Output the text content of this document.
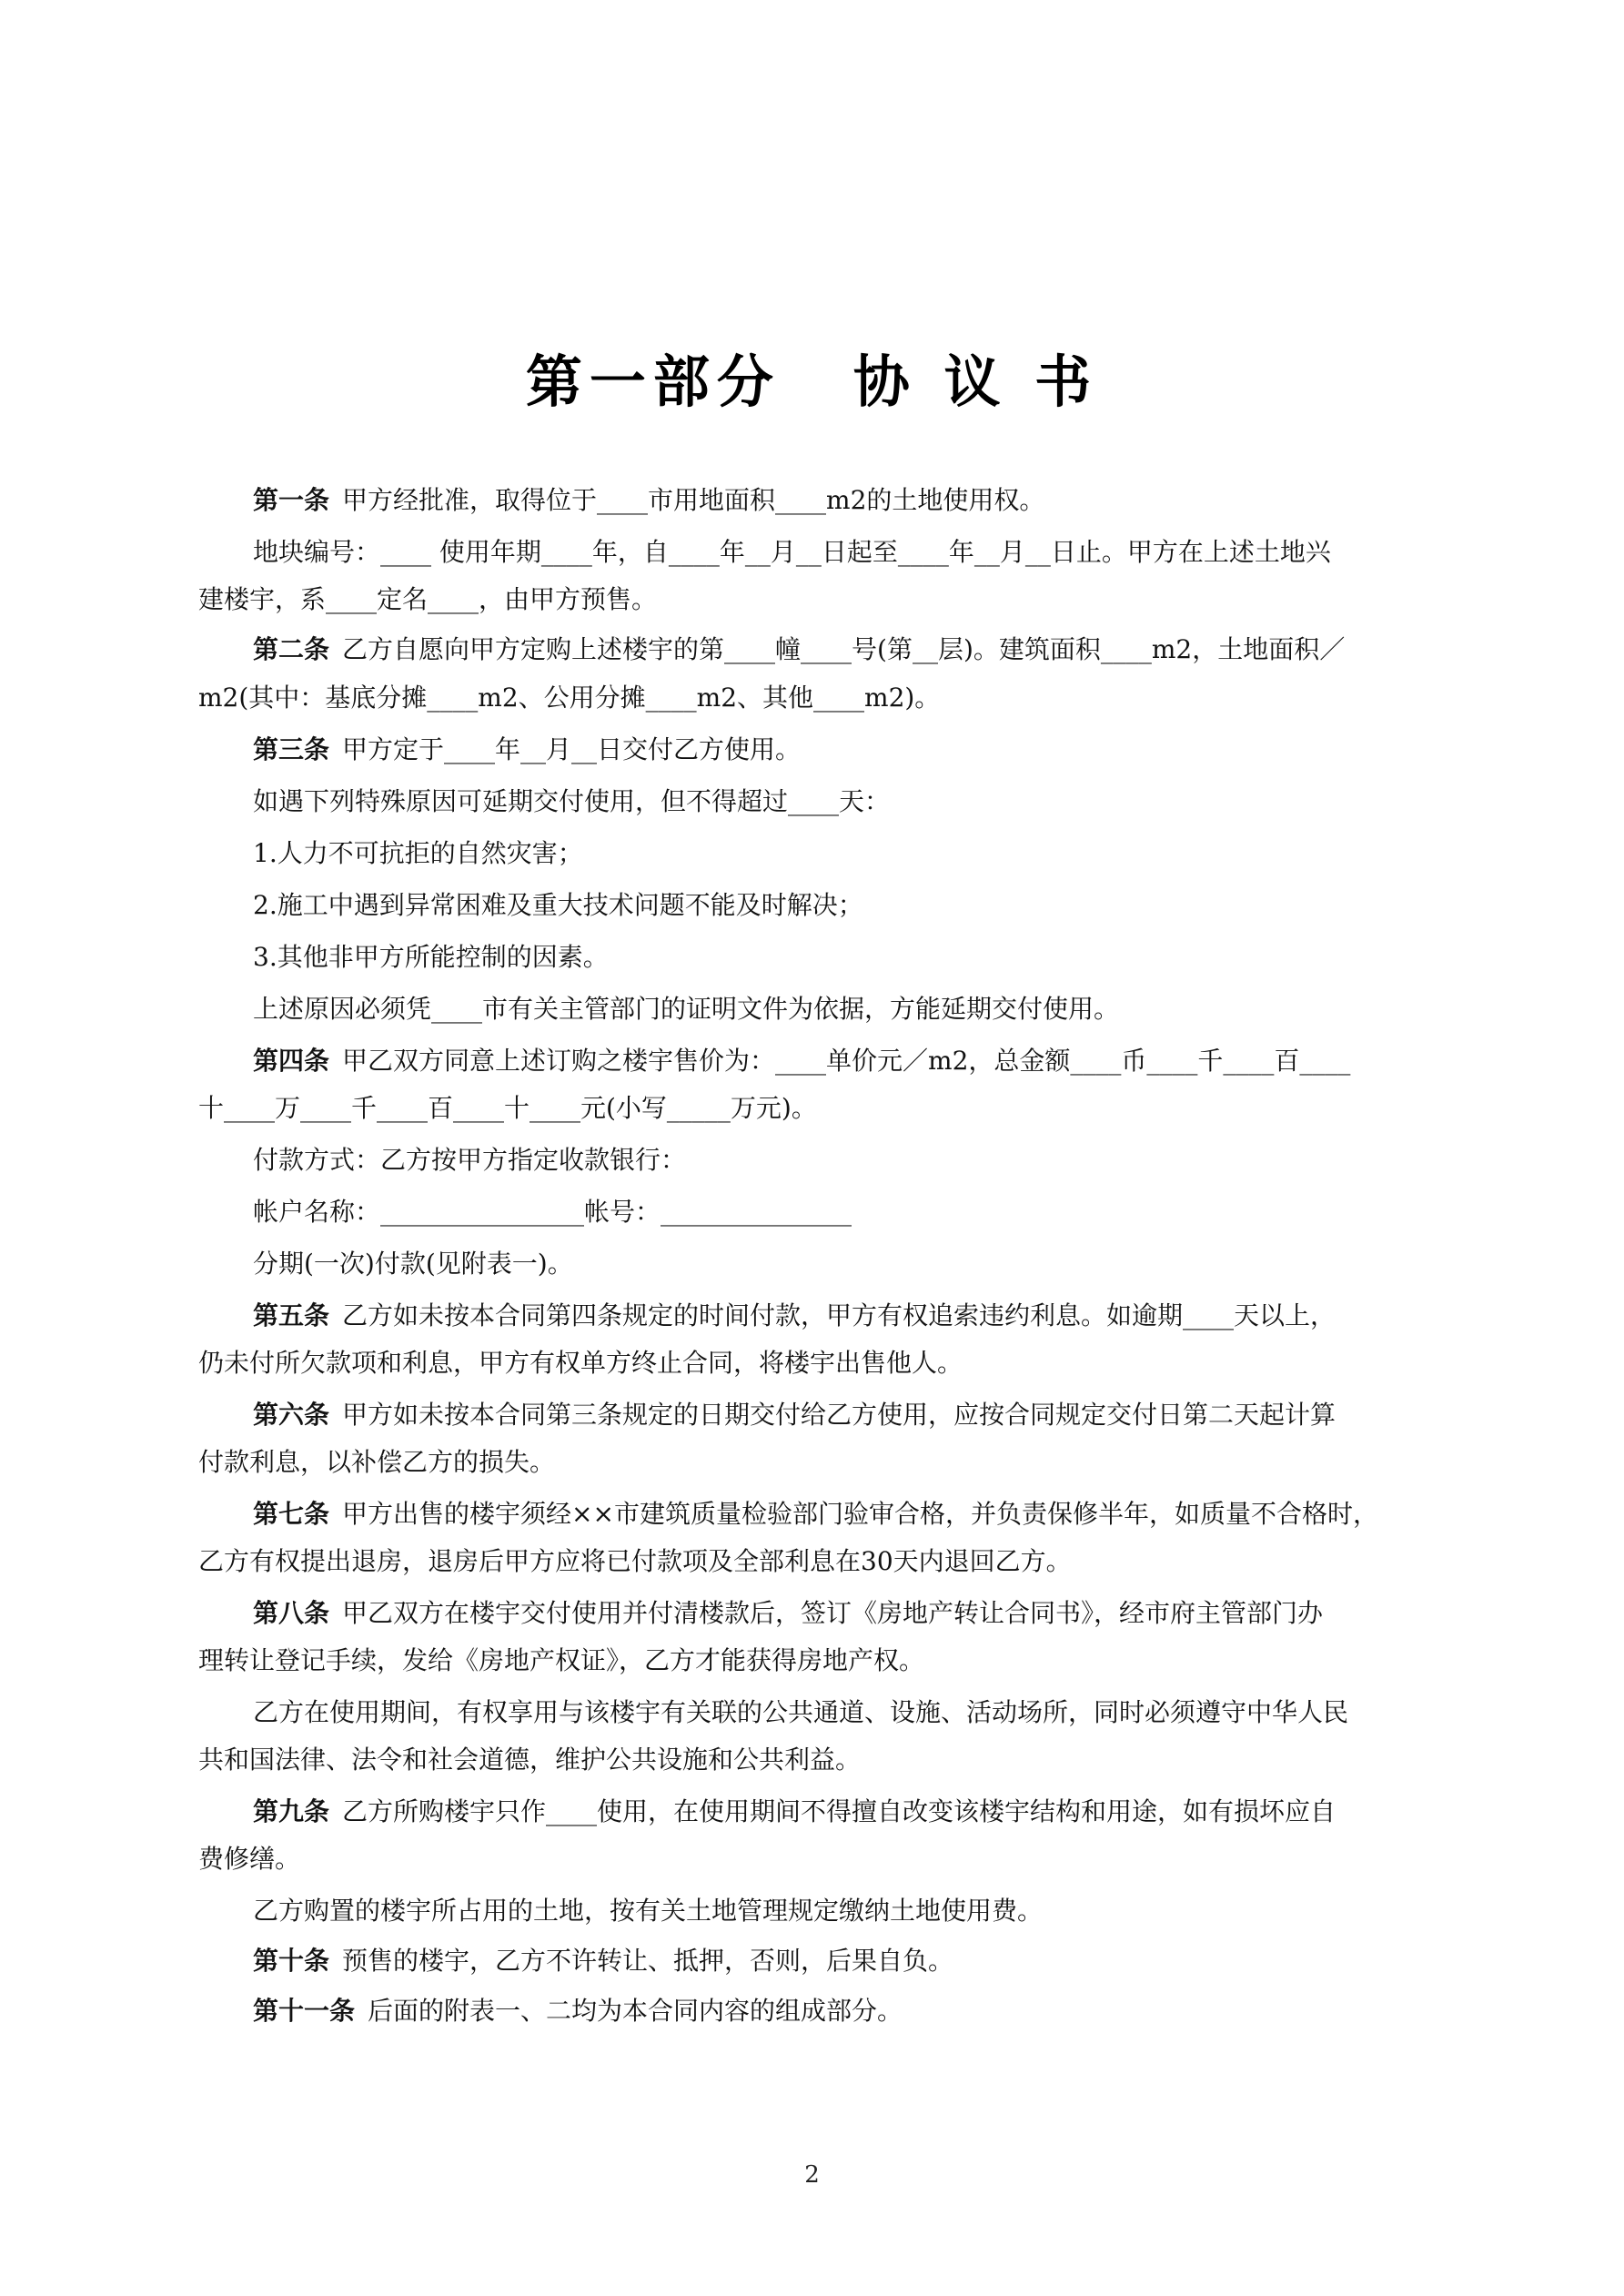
第一部分 协 议 书
第一条 甲方经批准，取得位于____市用地面积____m2的土地使用权。
地块编号：____ 使用年期____年，自____年__月__日起至____年__月__日止。甲方在上述土地兴
建楼宇，系____定名____，由甲方预售。
第二条 乙方自愿向甲方定购上述楼宇的第____幢____号(第__层)。建筑面积____m2，土地面积／
m2(其中：基底分摊____m2、公用分摊____m2、其他____m2)。
第三条 甲方定于____年__月__日交付乙方使用。
如遇下列特殊原因可延期交付使用，但不得超过____天：
1.人力不可抗拒的自然灾害；
2.施工中遇到异常困难及重大技术问题不能及时解决；
3.其他非甲方所能控制的因素。
上述原因必须凭____市有关主管部门的证明文件为依据，方能延期交付使用。
第四条 甲乙双方同意上述订购之楼宇售价为：____单价元／m2，总金额____币____千____百____
十____万____千____百____十____元(小写_____万元)。
付款方式：乙方按甲方指定收款银行：
帐户名称：________________帐号：_______________
分期(一次)付款(见附表一)。
第五条 乙方如未按本合同第四条规定的时间付款，甲方有权追索违约利息。如逾期____天以上，
仍未付所欠款项和利息，甲方有权单方终止合同，将楼宇出售他人。
第六条 甲方如未按本合同第三条规定的日期交付给乙方使用，应按合同规定交付日第二天起计算
付款利息，以补偿乙方的损失。
第七条 甲方出售的楼宇须经××市建筑质量检验部门验审合格，并负责保修半年，如质量不合格时，
乙方有权提出退房，退房后甲方应将已付款项及全部利息在30天内退回乙方。
第八条 甲乙双方在楼宇交付使用并付清楼款后，签订《房地产转让合同书》，经市府主管部门办
理转让登记手续，发给《房地产权证》，乙方才能获得房地产权。
乙方在使用期间，有权享用与该楼宇有关联的公共通道、设施、活动场所，同时必须遵守中华人民
共和国法律、法令和社会道德，维护公共设施和公共利益。
第九条 乙方所购楼宇只作____使用，在使用期间不得擅自改变该楼宇结构和用途，如有损坏应自
费修缮。
乙方购置的楼宇所占用的土地，按有关土地管理规定缴纳土地使用费。
第十条 预售的楼宇，乙方不许转让、抵押，否则，后果自负。
第十一条 后面的附表一、二均为本合同内容的组成部分。
2
